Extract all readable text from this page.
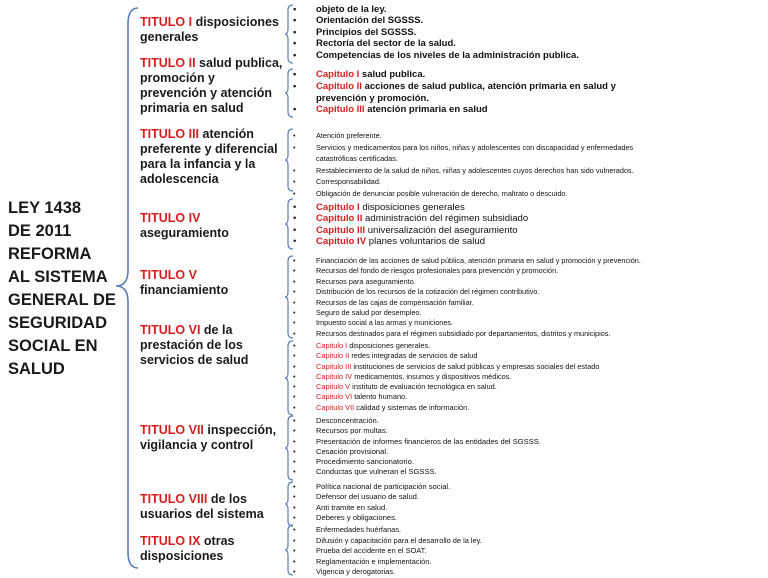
LEY 1438
DE 2011
REFORMA
AL SISTEMA
GENERAL DE
SEGURIDAD
SOCIAL EN
SALUD
TITULO I disposiciones
generales
TITULO II salud publica,
promoción y
prevención y atención
primaria en salud
TITULO III atención
preferente y diferencial
para la infancia y la
adolescencia
TITULO IV
aseguramiento
TITULO V
financiamiento
TITULO VI de la
prestación de los
servicios de salud
TITULO VII inspección,
vigilancia y control
TITULO VIII de los
usuarios del sistema
TITULO IX otras
disposiciones
• objeto de la ley.
• Orientación del SGSSS.
• Principios del SGSSS.
• Rectoría del sector de la salud.
• Competencias de los niveles de la administración publica.
• Capitulo I salud publica.
• Capitulo II acciones de salud publica, atención primaria en salud y
prevención y promoción.
• Capitulo III atención primaria en salud
• Atención preferente.
• Servicios y medicamentos para los niños, niñas y adolescentes con discapacidad y enfermedades
catastróficas certificadas.
• Restablecimiento de la salud de niños, niñas y adolescentes cuyos derechos han sido vulnerados.
• Corresponsabilidad.
• Obligación de denunciar posible vulneración de derecho, maltrato o descuido.
• Capitulo I disposiciones generales
• Capitulo II administración del régimen subsidiado
• Capitulo III universalización del aseguramiento
• Capitulo IV planes voluntarios de salud
• Financiación de las acciones de salud pública, atención primaria en salud y promoción y prevención.
• Recursos del fondo de riesgos profesionales para prevención y promoción.
• Recursos para aseguramiento.
• Distribución de los recursos de la cotización del régimen contributivo.
• Recursos de las cajas de compensación familiar.
• Seguro de salud por desempleo.
• Impuesto social a las armas y municiones.
• Recursos destinados para el régimen subsidiado por departamentos, distritos y municipios.
• Capitulo I disposiciones generales.
• Capitulo II redes integradas de servicios de salud
• Capitulo III instituciones de servicios de salud públicas y empresas sociales del estado
• Capitulo IV medicamentos, insumos y dispositivos médicos.
• Capitulo V instituto de evaluación tecnológica en salud.
• Capitulo VI talento humano.
• Capitulo VII calidad y sistemas de información.
• Desconcentración.
• Recursos por multas.
• Presentación de informes financieros de las entidades del SGSSS.
• Cesación provisional.
• Procedimiento sancionatorio.
• Conductas que vulneran el SGSSS.
• Política nacional de participación social.
• Defensor del usuario de salud.
• Anti tramite en salud.
• Deberes y obligaciones.
• Enfermedades huérfanas.
• Difusión y capacitación para el desarrollo de la ley.
• Prueba del accidente en el SOAT.
• Reglamentación e implementación.
• Vigencia y derogatorias.
